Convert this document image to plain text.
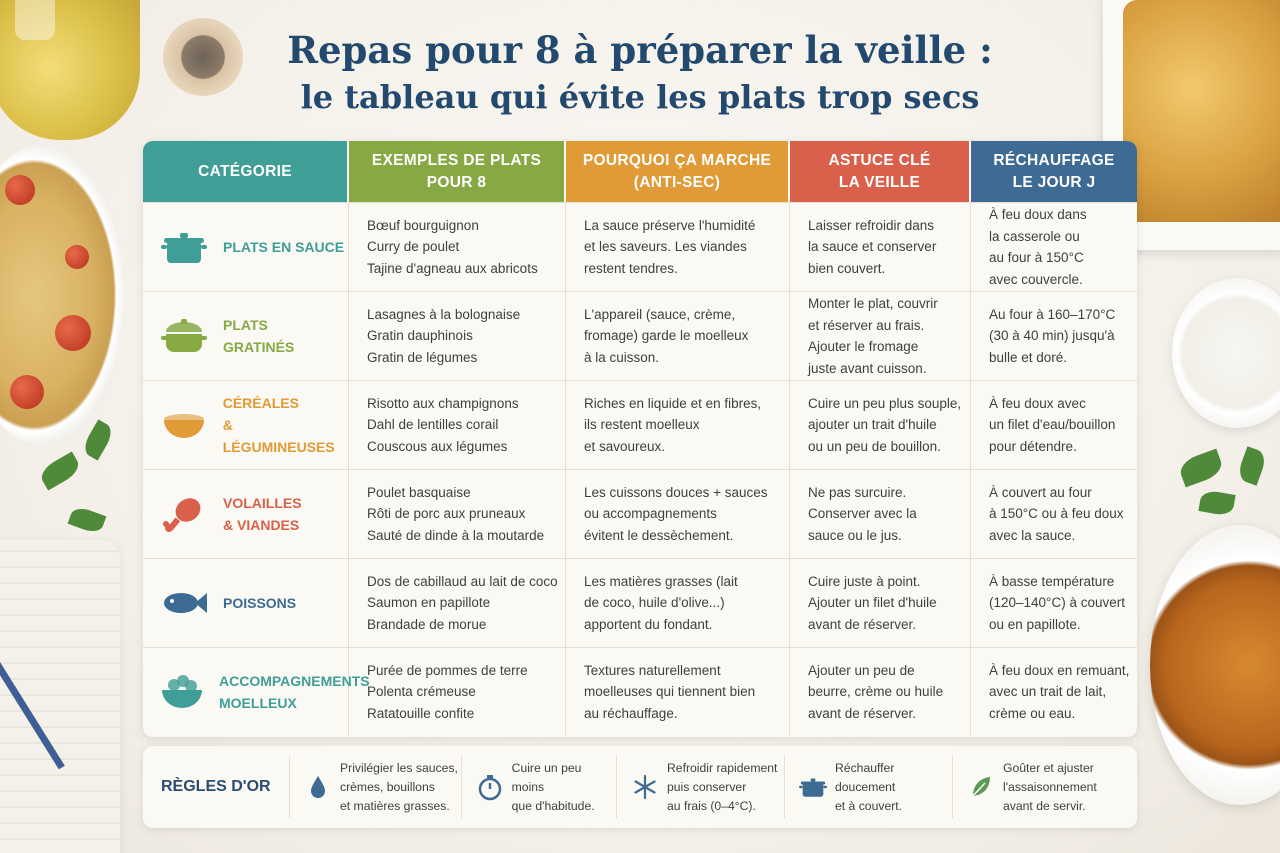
Repas pour 8 à préparer la veille :
le tableau qui évite les plats trop secs
CATÉGORIE
EXEMPLES DE PLATS
POUR 8
POURQUOI ÇA MARCHE
(ANTI-SEC)
ASTUCE CLÉ
LA VEILLE
RÉCHAUFFAGE
LE JOUR J
PLATS EN SAUCE
Bœuf bourguignon
Curry de poulet
Tajine d'agneau aux abricots
La sauce préserve l'humidité
et les saveurs. Les viandes
restent tendres.
Laisser refroidir dans
la sauce et conserver
bien couvert.
À feu doux dans
la casserole ou
au four à 150°C
avec couvercle.
PLATS
GRATINÉS
Lasagnes à la bolognaise
Gratin dauphinois
Gratin de légumes
L'appareil (sauce, crème,
fromage) garde le moelleux
à la cuisson.
Monter le plat, couvrir
et réserver au frais.
Ajouter le fromage
juste avant cuisson.
Au four à 160–170°C
(30 à 40 min) jusqu'à
bulle et doré.
CÉRÉALES
& LÉGUMINEUSES
Risotto aux champignons
Dahl de lentilles corail
Couscous aux légumes
Riches en liquide et en fibres,
ils restent moelleux
et savoureux.
Cuire un peu plus souple,
ajouter un trait d'huile
ou un peu de bouillon.
À feu doux avec
un filet d'eau/bouillon
pour détendre.
VOLAILLES
& VIANDES
Poulet basquaise
Rôti de porc aux pruneaux
Sauté de dinde à la moutarde
Les cuissons douces + sauces
ou accompagnements
évitent le dessèchement.
Ne pas surcuire.
Conserver avec la
sauce ou le jus.
À couvert au four
à 150°C ou à feu doux
avec la sauce.
POISSONS
Dos de cabillaud au lait de coco
Saumon en papillote
Brandade de morue
Les matières grasses (lait
de coco, huile d'olive...)
apportent du fondant.
Cuire juste à point.
Ajouter un filet d'huile
avant de réserver.
À basse température
(120–140°C) à couvert
ou en papillote.
ACCOMPAGNEMENTS
MOELLEUX
Purée de pommes de terre
Polenta crémeuse
Ratatouille confite
Textures naturellement
moelleuses qui tiennent bien
au réchauffage.
Ajouter un peu de
beurre, crème ou huile
avant de réserver.
À feu doux en remuant,
avec un trait de lait,
crème ou eau.
RÈGLES D'OR
Privilégier les sauces,
crèmes, bouillons
et matières grasses.
Cuire un peu moins
que d'habitude.
Refroidir rapidement
puis conserver
au frais (0–4°C).
Réchauffer doucement
et à couvert.
Goûter et ajuster
l'assaisonnement
avant de servir.
